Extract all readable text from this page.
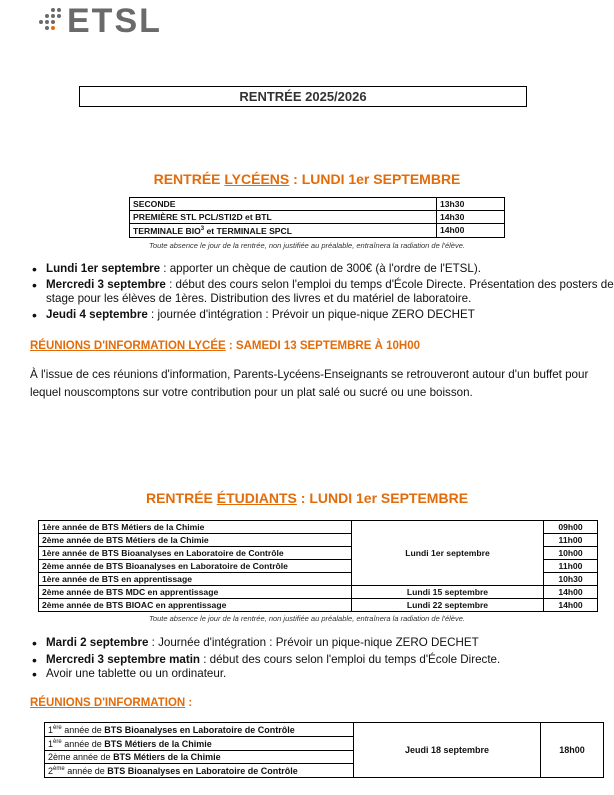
ETSL
RENTRÉE 2025/2026
RENTRÉE LYCÉENS : LUNDI 1er SEPTEMBRE
SECONDE	13h30
PREMIÈRE STL PCL/STI2D et BTL	14h30
TERMINALE BIO$^3$ et TERMINALE SPCL	14h00
Toute absence le jour de la rentrée, non justifiée au préalable, entraînera la radiation de l'élève.
• Lundi 1er septembre : apporter un chèque de caution de 300€ (à l'ordre de l'ETSL).
• Mercredi 3 septembre : début des cours selon l'emploi du temps d'École Directe. Présentation des posters de stage pour les élèves de 1ères. Distribution des livres et du matériel de laboratoire.
• Jeudi 4 septembre : journée d'intégration : Prévoir un pique-nique ZERO DECHET
RÉUNIONS D'INFORMATION LYCÉE : SAMEDI 13 SEPTEMBRE À 10H00
À l'issue de ces réunions d'information, Parents-Lycéens-Enseignants se retrouveront autour d'un buffet pour lequel nouscomptons sur votre contribution pour un plat salé ou sucré ou une boisson.
RENTRÉE ÉTUDIANTS : LUNDI 1er SEPTEMBRE
1ère année de BTS Métiers de la Chimie	Lundi 1er septembre	09h00
2ème année de BTS Métiers de la Chimie		11h00
1ère année de BTS Bioanalyses en Laboratoire de Contrôle		10h00
2ème année de BTS Bioanalyses en Laboratoire de Contrôle		11h00
1ère année de BTS en apprentissage		10h30
2ème année de BTS MDC en apprentissage	Lundi 15 septembre	14h00
2ème année de BTS BIOAC en apprentissage	Lundi 22 septembre	14h00
Toute absence le jour de la rentrée, non justifiée au préalable, entraînera la radiation de l'élève.
• Mardi 2 septembre : Journée d'intégration : Prévoir un pique-nique ZERO DECHET
• Mercredi 3 septembre matin : début des cours selon l'emploi du temps d'École Directe.
• Avoir une tablette ou un ordinateur.
RÉUNIONS D'INFORMATION :
1ère année de BTS Bioanalyses en Laboratoire de Contrôle	Jeudi 18 septembre	18h00
1ère année de BTS Métiers de la Chimie
2ème année de BTS Métiers de la Chimie
2ème année de BTS Bioanalyses en Laboratoire de Contrôle
